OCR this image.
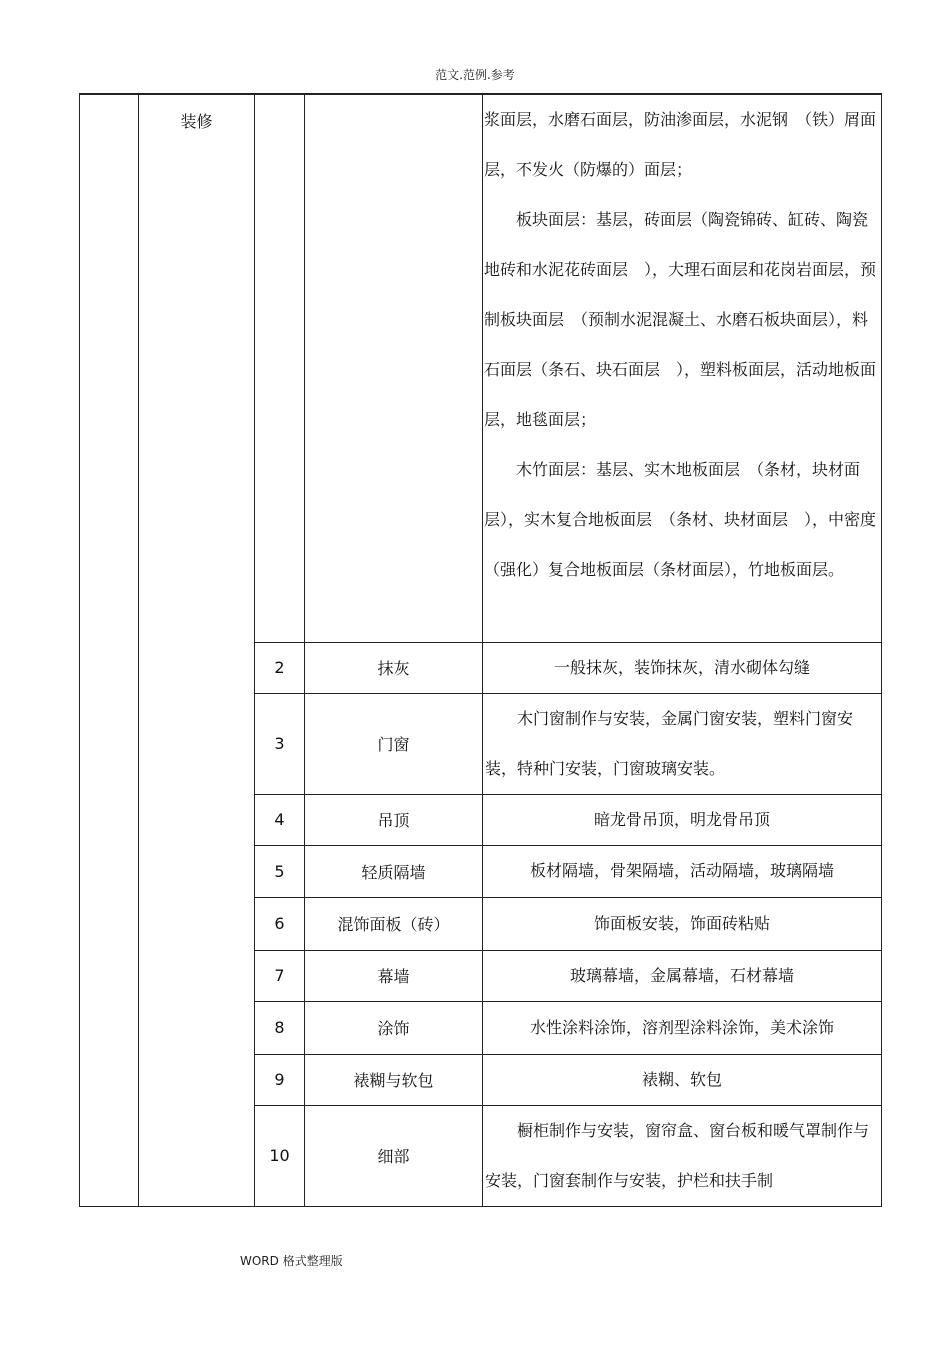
范文.范例.参考
	装修			浆面层，水磨石面层，防油渗面层，水泥钢　（铁）屑面层，不发火（防爆的）面层；

板块面层：基层，砖面层（陶瓷锦砖、缸砖、陶瓷地砖和水泥花砖面层　），大理石面层和花岗岩面层，预制板块面层　（预制水泥混凝土、水磨石板块面层），料石面层（条石、块石面层　），塑料板面层，活动地板面层，地毯面层；

木竹面层：基层、实木地板面层　（条材，块材面层），实木复合地板面层　（条材、块材面层　），中密度（强化）复合地板面层（条材面层），竹地板面层。

		2	抹灰	一般抹灰，装饰抹灰，清水砌体勾缝
		3	门窗	木门窗制作与安装，金属门窗安装，塑料门窗安装，特种门安装，门窗玻璃安装。

		4	吊顶	暗龙骨吊顶，明龙骨吊顶
		5	轻质隔墙	板材隔墙，骨架隔墙，活动隔墙，玻璃隔墙
		6	混饰面板（砖）	饰面板安装，饰面砖粘贴
		7	幕墙	玻璃幕墙，金属幕墙，石材幕墙
		8	涂饰	水性涂料涂饰，溶剂型涂料涂饰，美术涂饰
		9	裱糊与软包	裱糊、软包
		10	细部	橱柜制作与安装，窗帘盒、窗台板和暖气罩制作与安装，门窗套制作与安装，护栏和扶手制
WORD 格式整理版
